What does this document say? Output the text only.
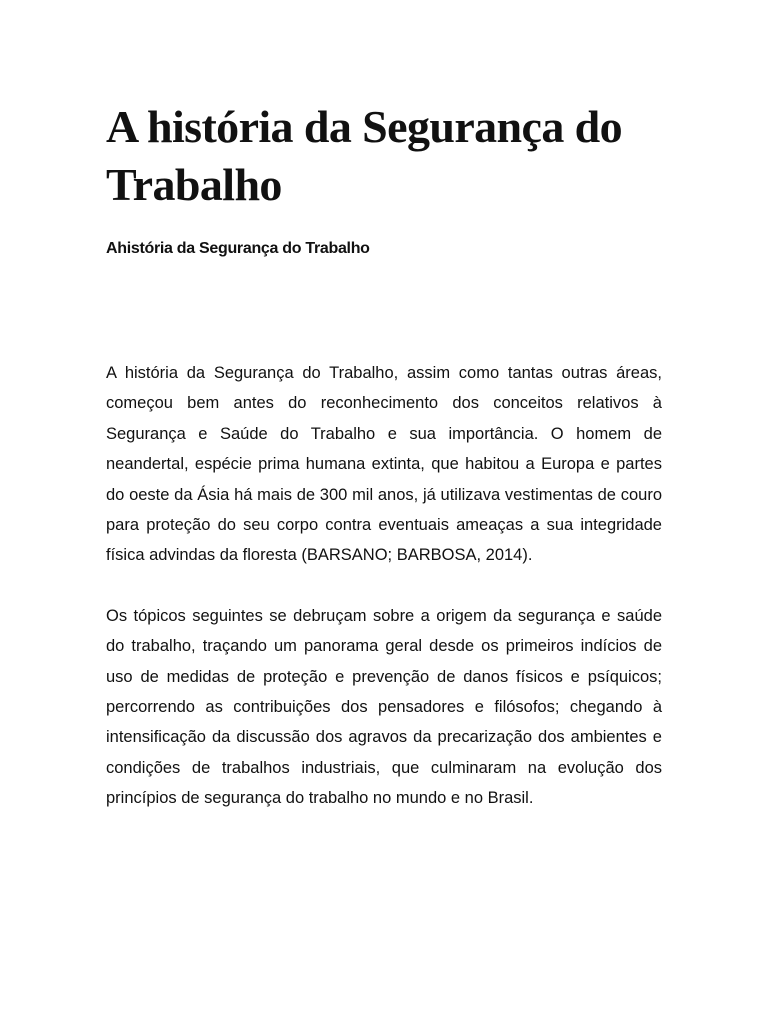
A história da Segurança do Trabalho
Ahistória da Segurança do Trabalho

A história da Segurança do Trabalho, assim como tantas outras áreas, começou bem antes do reconhecimento dos conceitos relativos à Segurança e Saúde do Trabalho e sua importância. O homem de neandertal, espécie prima humana extinta, que habitou a Europa e partes do oeste da Ásia há mais de 300 mil anos, já utilizava vestimentas de couro para proteção do seu corpo contra eventuais ameaças a sua integridade física advindas da floresta (BARSANO; BARBOSA, 2014).

Os tópicos seguintes se debruçam sobre a origem da segurança e saúde do trabalho, traçando um panorama geral desde os primeiros indícios de uso de medidas de proteção e prevenção de danos físicos e psíquicos; percorrendo as contribuições dos pensadores e filósofos; chegando à intensificação da discussão dos agravos da precarização dos ambientes e condições de trabalhos industriais, que culminaram na evolução dos princípios de segurança do trabalho no mundo e no Brasil.
